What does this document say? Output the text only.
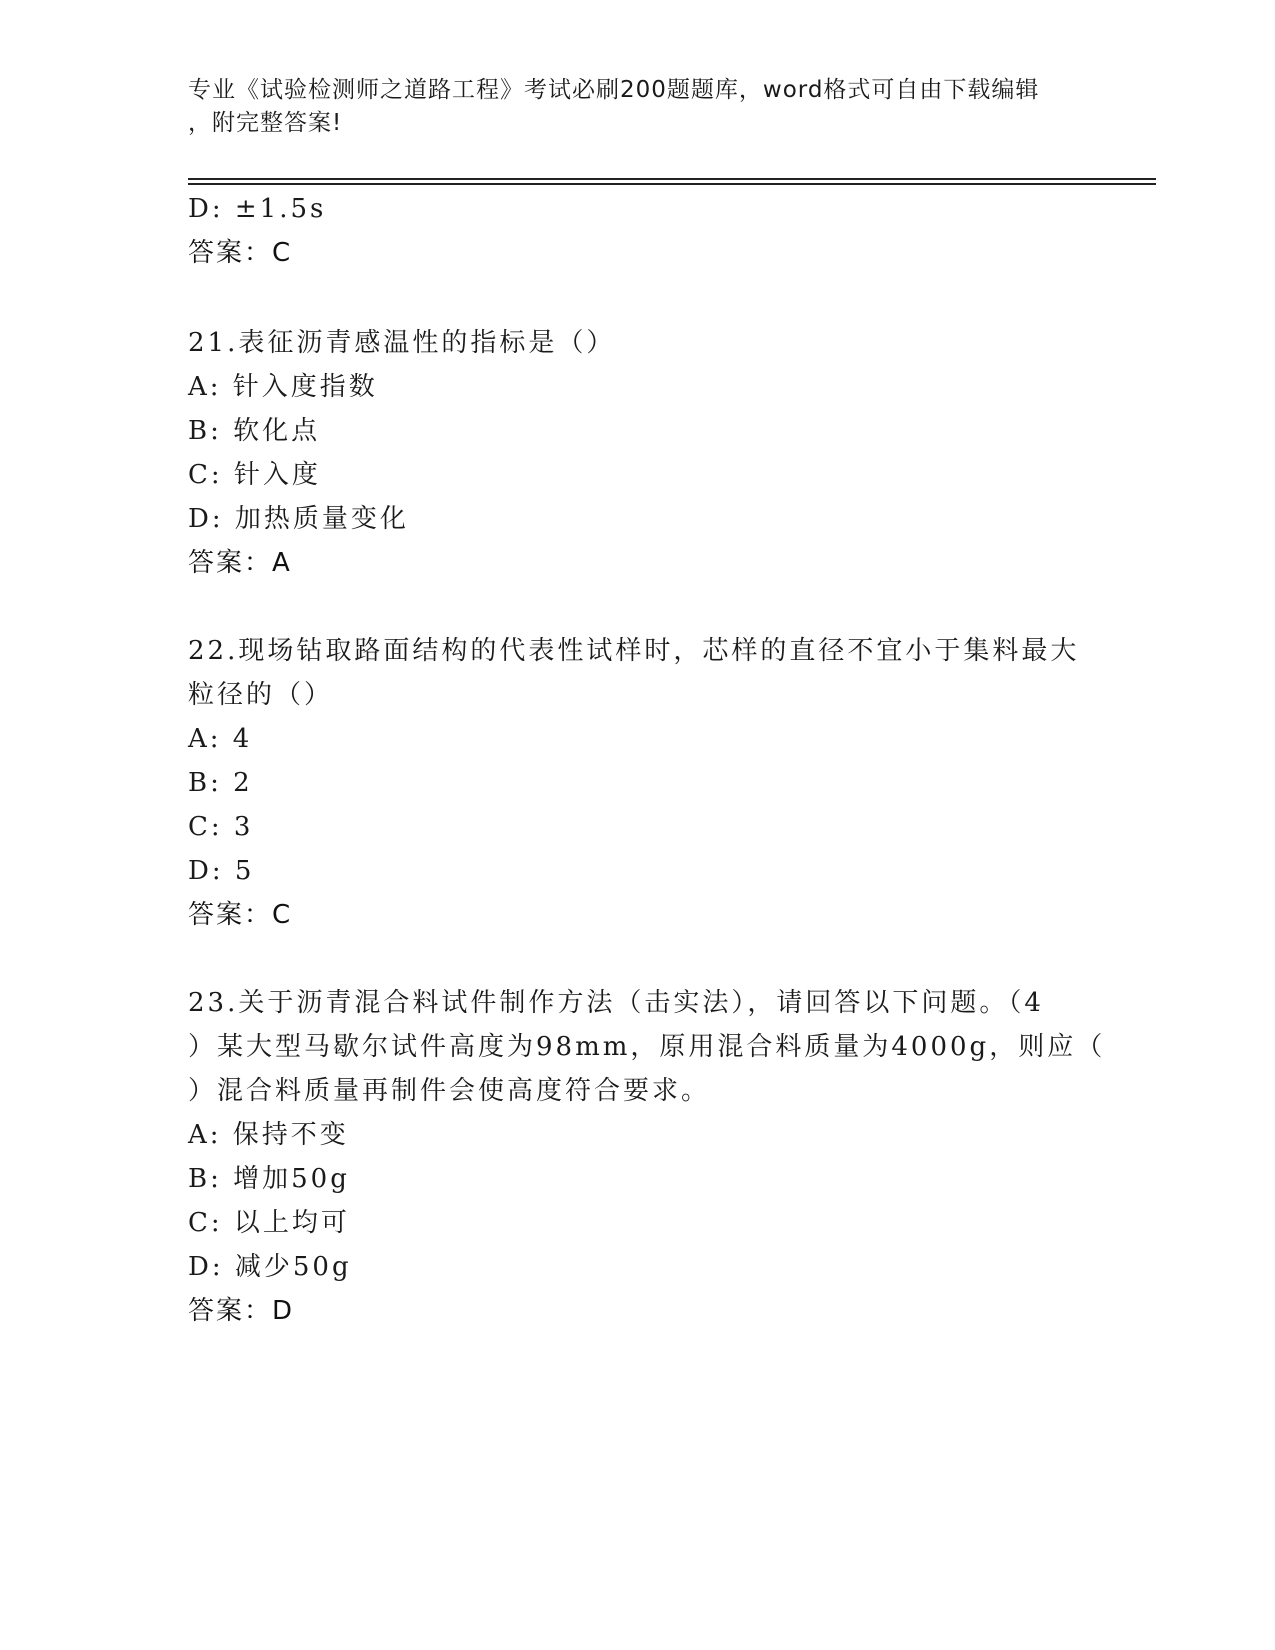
专业《试验检测师之道路工程》考试必刷200题题库，word格式可自由下载编辑
，附完整答案!
D: ±1.5s
答案：C
21.表征沥青感温性的指标是（）
A: 针入度指数
B: 软化点
C: 针入度
D: 加热质量变化
答案：A
22.现场钻取路面结构的代表性试样时，芯样的直径不宜小于集料最大
粒径的（）
A: 4
B: 2
C: 3
D: 5
答案：C
23.关于沥青混合料试件制作方法（击实法），请回答以下问题。（4
）某大型马歇尔试件高度为98mm，原用混合料质量为4000g，则应（
）混合料质量再制件会使高度符合要求。
A: 保持不变
B: 增加50g
C: 以上均可
D: 减少50g
答案：D
